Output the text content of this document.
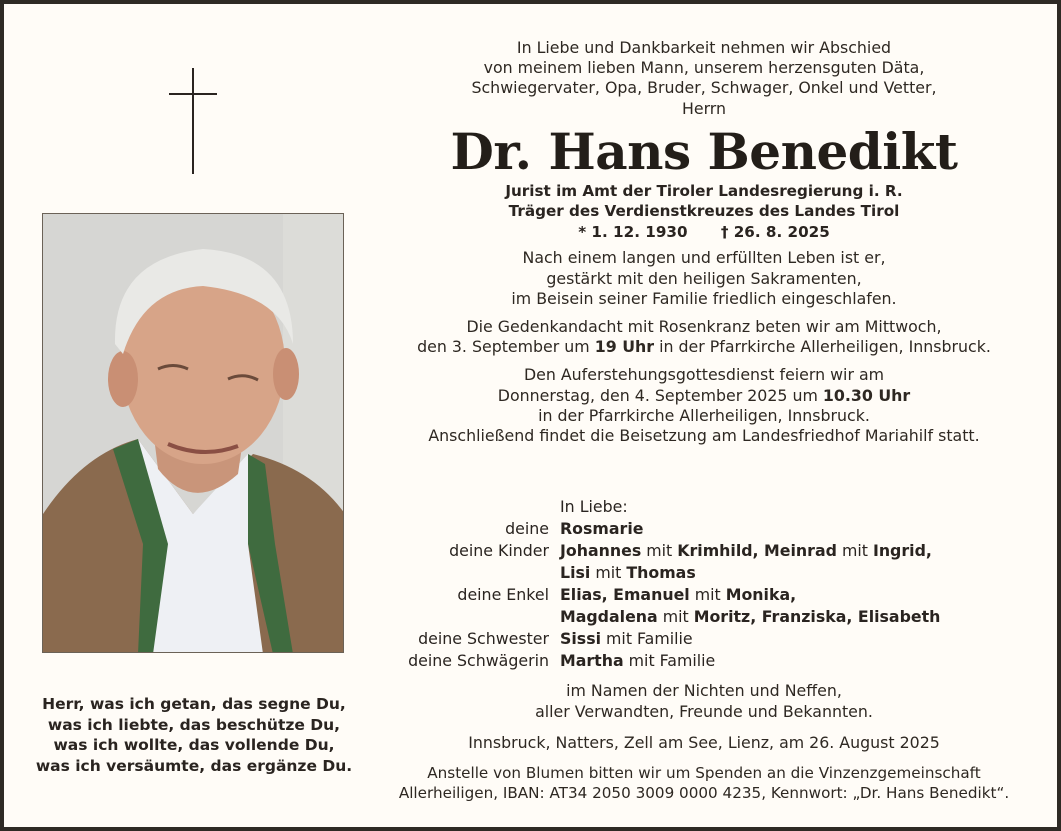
Herr, was ich getan, das segne Du,
was ich liebte, das beschütze Du,
was ich wollte, das vollende Du,
was ich versäumte, das ergänze Du.
In Liebe und Dankbarkeit nehmen wir Abschied
von meinem lieben Mann, unserem herzensguten Däta,
Schwiegervater, Opa, Bruder, Schwager, Onkel und Vetter,
Herrn
Dr. Hans Benedikt
Jurist im Amt der Tiroler Landesregierung i. R.
Träger des Verdienstkreuzes des Landes Tirol
* 1. 12. 1930 † 26. 8. 2025
Nach einem langen und erfüllten Leben ist er,
gestärkt mit den heiligen Sakramenten,
im Beisein seiner Familie friedlich eingeschlafen.
Die Gedenkandacht mit Rosenkranz beten wir am Mittwoch,
den 3. September um 19 Uhr in der Pfarrkirche Allerheiligen, Innsbruck.
Den Auferstehungsgottesdienst feiern wir am
Donnerstag, den 4. September 2025 um 10.30 Uhr
in der Pfarrkirche Allerheiligen, Innsbruck.
Anschließend findet die Beisetzung am Landesfriedhof Mariahilf statt.
In Liebe:
deine Rosmarie
deine Kinder Johannes mit Krimhild, Meinrad mit Ingrid,
Lisi mit Thomas
deine Enkel Elias, Emanuel mit Monika,
Magdalena mit Moritz, Franziska, Elisabeth
deine Schwester Sissi mit Familie
deine Schwägerin Martha mit Familie
im Namen der Nichten und Neffen,
aller Verwandten, Freunde und Bekannten.
Innsbruck, Natters, Zell am See, Lienz, am 26. August 2025
Anstelle von Blumen bitten wir um Spenden an die Vinzenzgemeinschaft
Allerheiligen, IBAN: AT34 2050 3009 0000 4235, Kennwort: „Dr. Hans Benedikt“.
